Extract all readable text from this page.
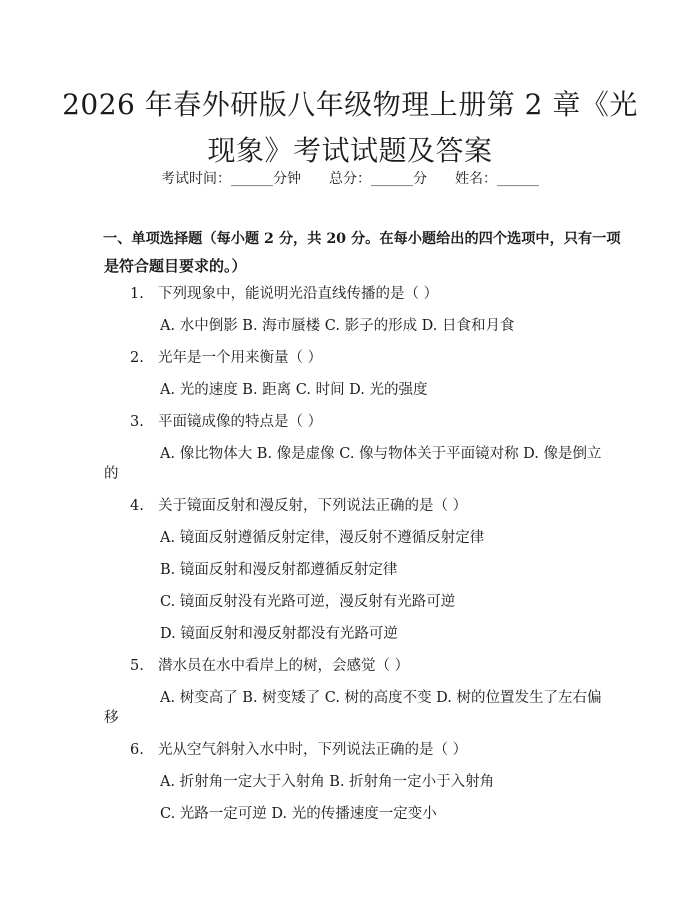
2026 年春外研版八年级物理上册第 2 章《光
现象》考试试题及答案
考试时间：______分钟 总分：______分 姓名：______
一、单项选择题（每小题 2 分，共 20 分。在每小题给出的四个选项中，只有一项
是符合题目要求的。）
1. 下列现象中，能说明光沿直线传播的是（ ）
A. 水中倒影 B. 海市蜃楼 C. 影子的形成 D. 日食和月食
2. 光年是一个用来衡量（ ）
A. 光的速度 B. 距离 C. 时间 D. 光的强度
3. 平面镜成像的特点是（ ）
A. 像比物体大 B. 像是虚像 C. 像与物体关于平面镜对称 D. 像是倒立
的
4. 关于镜面反射和漫反射，下列说法正确的是（ ）
A. 镜面反射遵循反射定律，漫反射不遵循反射定律
B. 镜面反射和漫反射都遵循反射定律
C. 镜面反射没有光路可逆，漫反射有光路可逆
D. 镜面反射和漫反射都没有光路可逆
5. 潜水员在水中看岸上的树，会感觉（ ）
A. 树变高了 B. 树变矮了 C. 树的高度不变 D. 树的位置发生了左右偏
移
6. 光从空气斜射入水中时，下列说法正确的是（ ）
A. 折射角一定大于入射角 B. 折射角一定小于入射角
C. 光路一定可逆 D. 光的传播速度一定变小
